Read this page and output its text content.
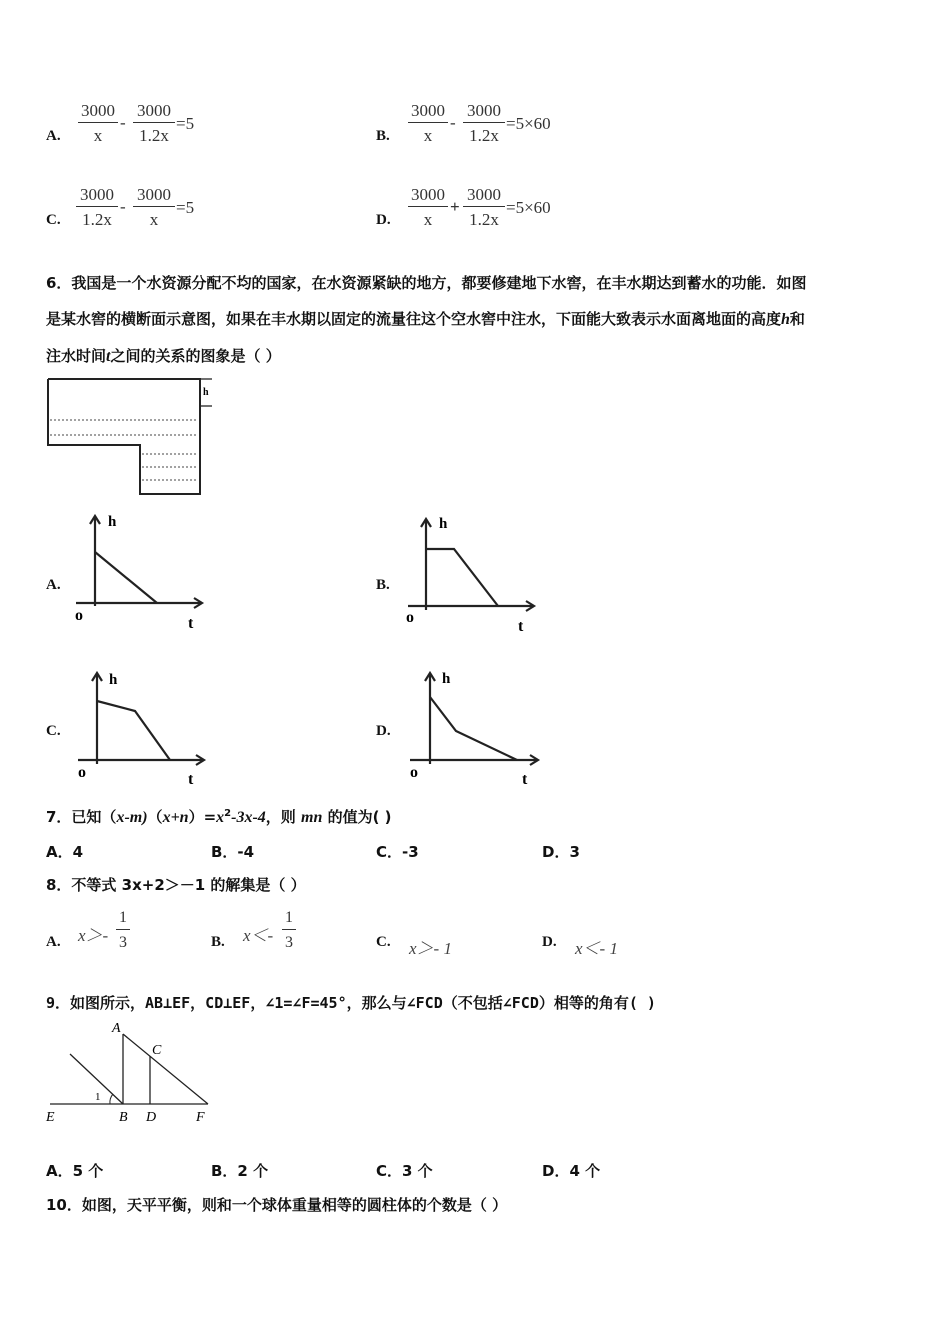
A. $\frac{3000}{x} - \frac{3000}{1.2x} =5$
B. $\frac{3000}{x} - \frac{3000}{1.2x} =5\times 60$
C. $\frac{3000}{1.2x} - \frac{3000}{x} =5$
D. $\frac{3000}{x} + \frac{3000}{1.2x} =5\times 60$
6．我国是一个水资源分配不均的国家，在水资源紧缺的地方，都要修建地下水窖，在丰水期达到蓄水的功能．如图
是某水窖的横断面示意图，如果在丰水期以固定的流量往这个空水窖中注水，下面能大致表示水面离地面的高度h和
注水时间t之间的关系的图象是（ ）
h
A.
h
t
o
B.
h
t
o
C.
h
t
o
D.
h
t
o
7．已知$(x-m)(x+n)=x^2-3x-4$，则 mn 的值为( )
A．4	B．-4	C．-3	D．3
8．不等式 3x+2＞－1 的解集是（ ）
A. $x>- \frac{1}{3}$	B. $x<- \frac{1}{3}$	C. x＞- 1	D. x＜- 1
9．如图所示，AB⊥EF，CD⊥EF，∠1=∠F=45°，那么与∠FCD（不包括∠FCD）相等的角有( )
A
C
E	B D	F
1
A．5 个	B．2 个	C．3 个	D．4 个
10．如图，天平平衡，则和一个球体重量相等的圆柱体的个数是（ ）
